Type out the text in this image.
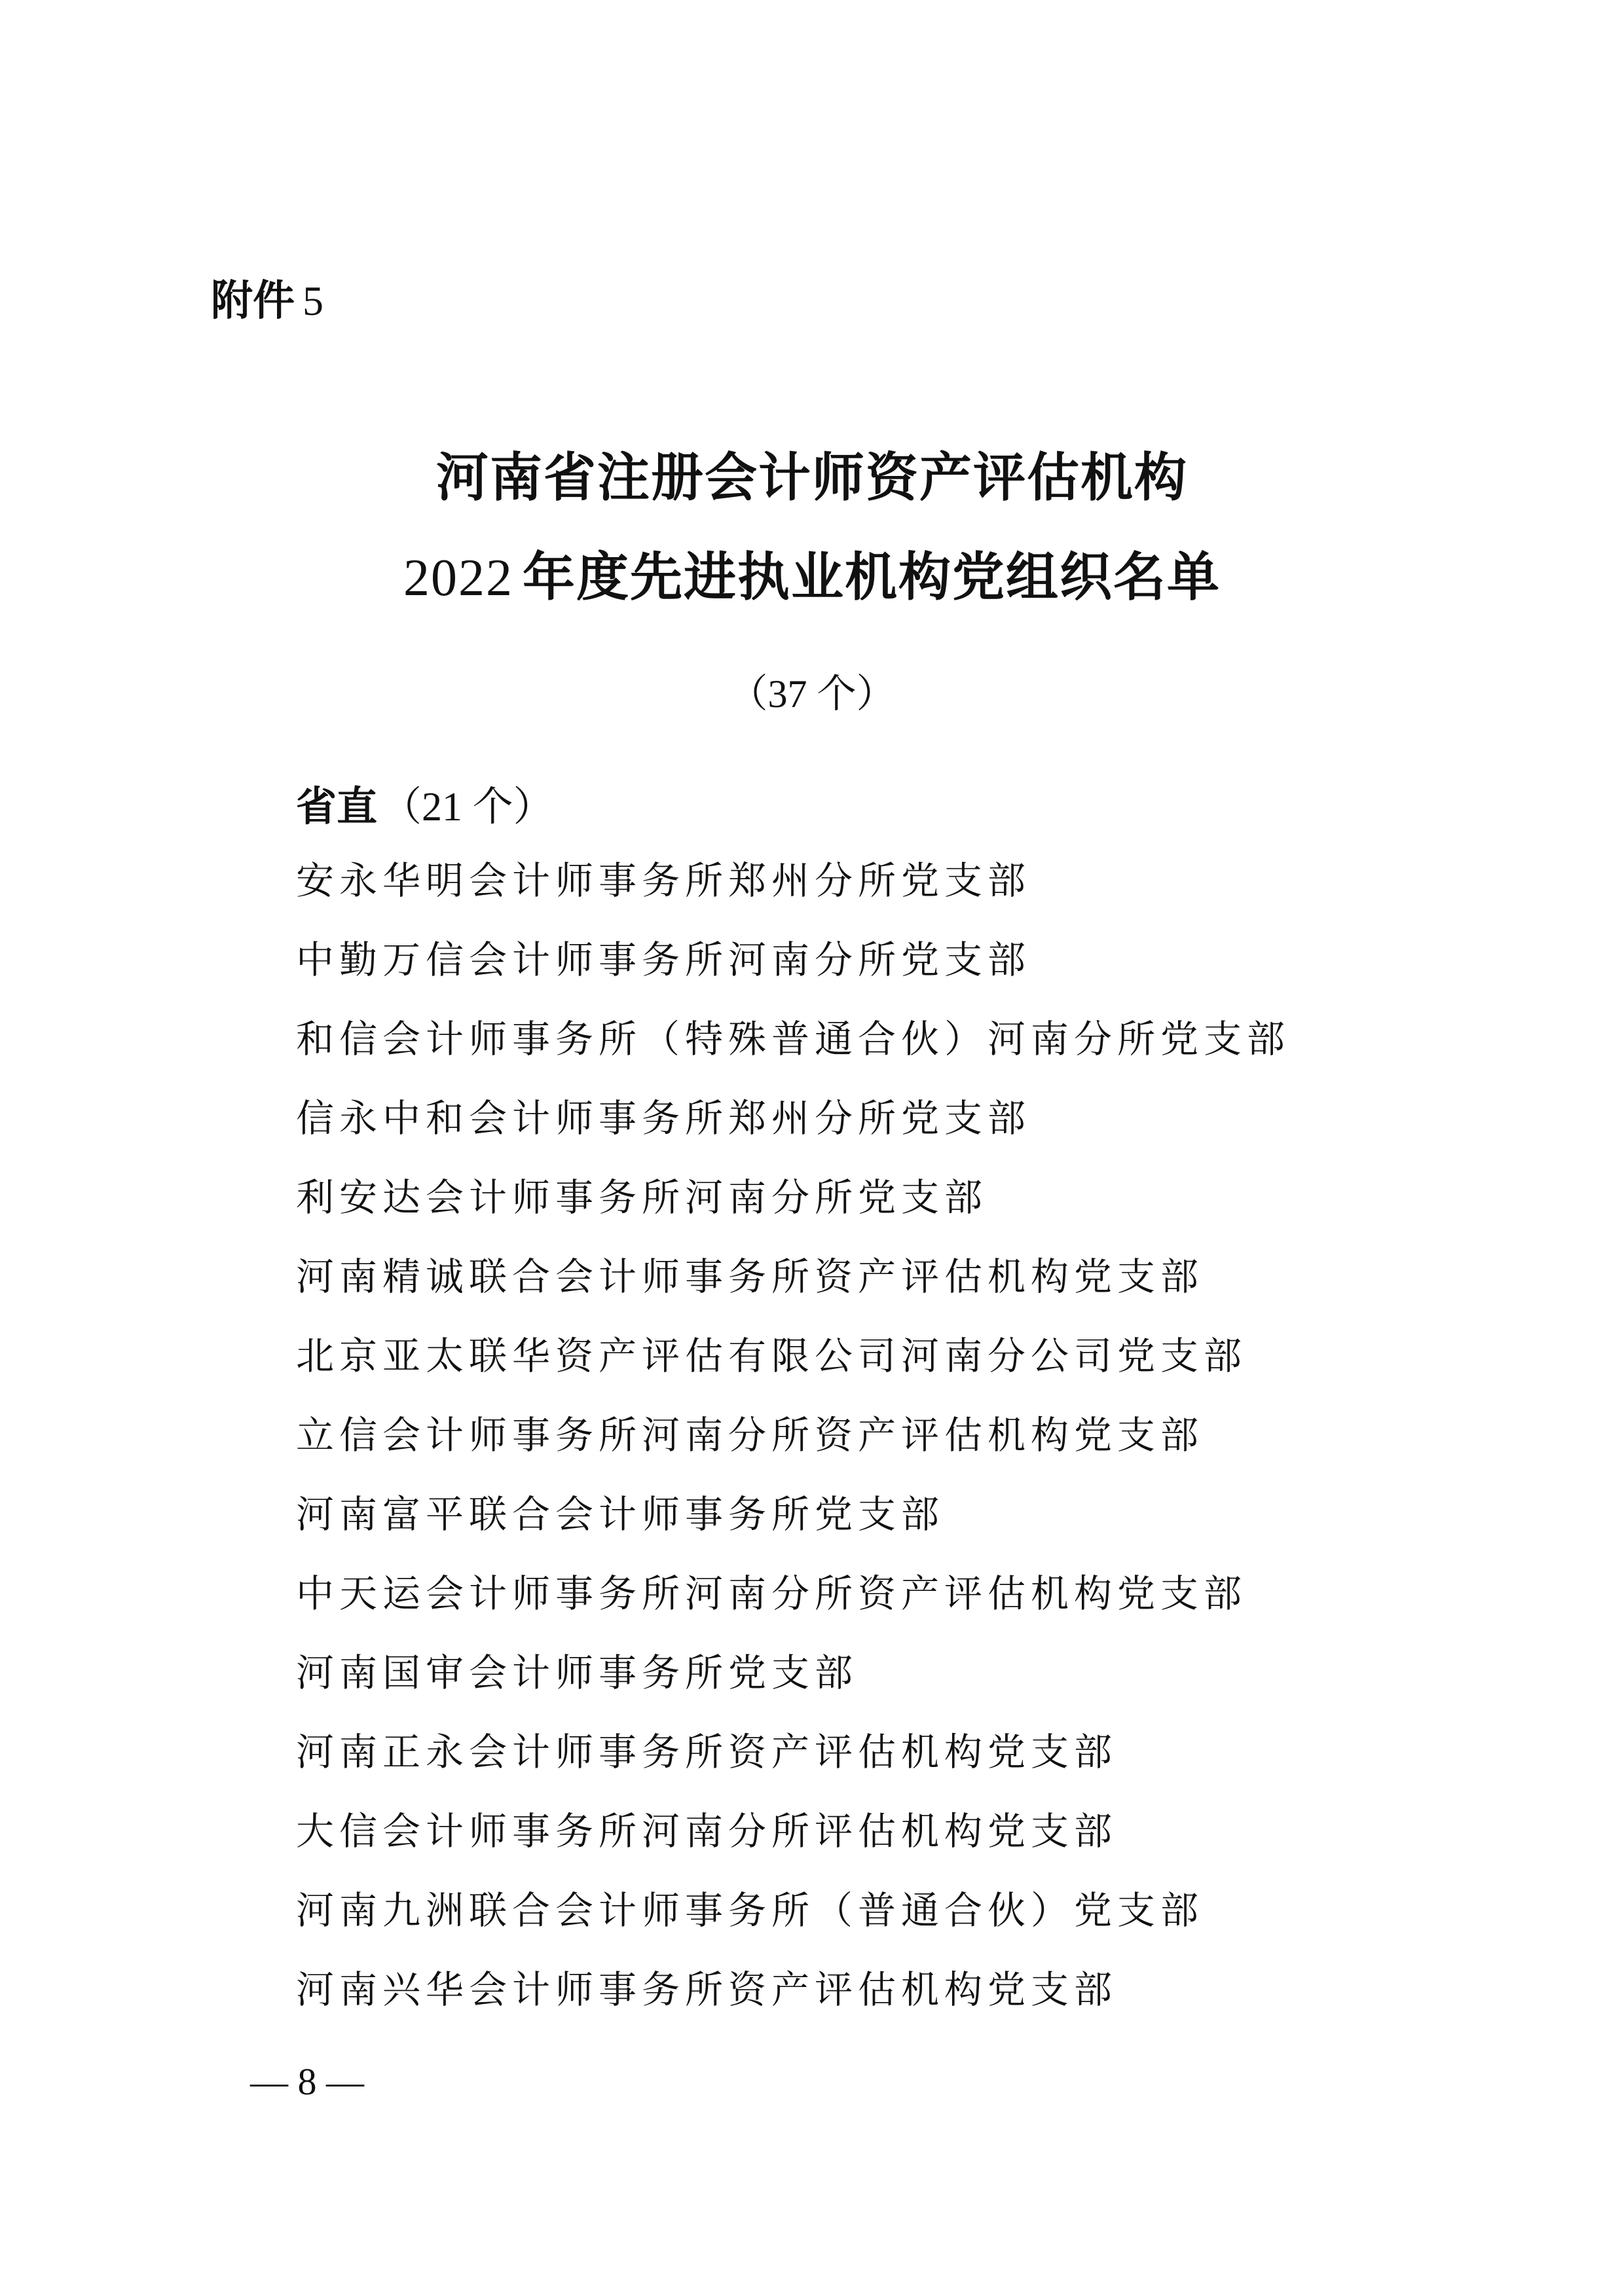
附件 5
河南省注册会计师资产评估机构
2022 年度先进执业机构党组织名单
（37 个）
省直（21 个）
安永华明会计师事务所郑州分所党支部
中勤万信会计师事务所河南分所党支部
和信会计师事务所（特殊普通合伙）河南分所党支部
信永中和会计师事务所郑州分所党支部
利安达会计师事务所河南分所党支部
河南精诚联合会计师事务所资产评估机构党支部
北京亚太联华资产评估有限公司河南分公司党支部
立信会计师事务所河南分所资产评估机构党支部
河南富平联合会计师事务所党支部
中天运会计师事务所河南分所资产评估机构党支部
河南国审会计师事务所党支部
河南正永会计师事务所资产评估机构党支部
大信会计师事务所河南分所评估机构党支部
河南九洲联合会计师事务所（普通合伙）党支部
河南兴华会计师事务所资产评估机构党支部
— 8 —
